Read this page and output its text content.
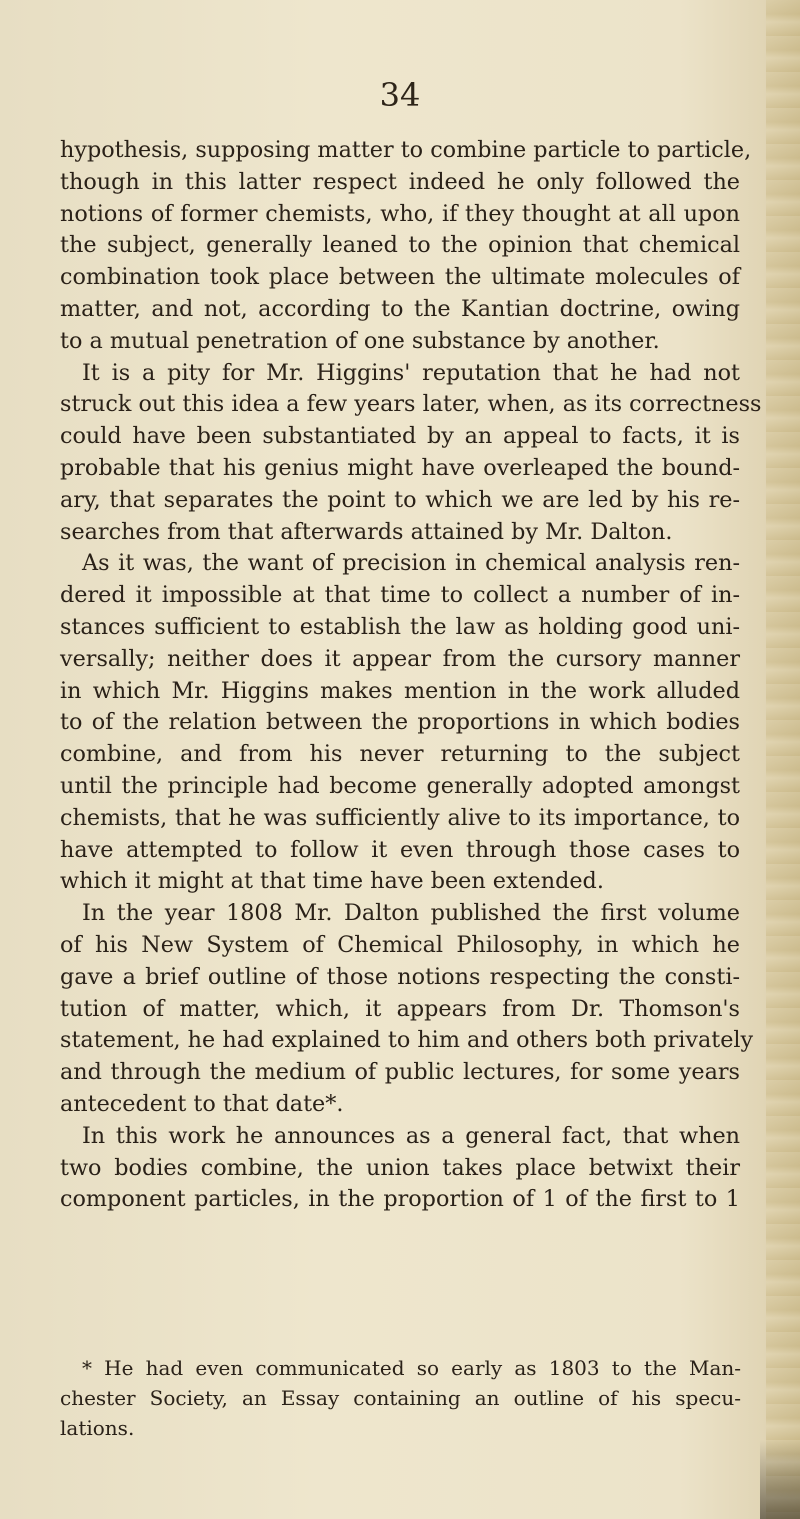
34
hypothesis, supposing matter to combine particle to particle,
though in this latter respect indeed he only followed the
notions of former chemists, who, if they thought at all upon
the subject, generally leaned to the opinion that chemical
combination took place between the ultimate molecules of
matter, and not, according to the Kantian doctrine, owing
to a mutual penetration of one substance by another.
It is a pity for Mr. Higgins' reputation that he had not
struck out this idea a few years later, when, as its correctness
could have been substantiated by an appeal to facts, it is
probable that his genius might have overleaped the bound-
ary, that separates the point to which we are led by his re-
searches from that afterwards attained by Mr. Dalton.
As it was, the want of precision in chemical analysis ren-
dered it impossible at that time to collect a number of in-
stances sufficient to establish the law as holding good uni-
versally; neither does it appear from the cursory manner
in which Mr. Higgins makes mention in the work alluded
to of the relation between the proportions in which bodies
combine, and from his never returning to the subject
until the principle had become generally adopted amongst
chemists, that he was sufficiently alive to its importance, to
have attempted to follow it even through those cases to
which it might at that time have been extended.
In the year 1808 Mr. Dalton published the first volume
of his New System of Chemical Philosophy, in which he
gave a brief outline of those notions respecting the consti-
tution of matter, which, it appears from Dr. Thomson's
statement, he had explained to him and others both privately
and through the medium of public lectures, for some years
antecedent to that date*.
In this work he announces as a general fact, that when
two bodies combine, the union takes place betwixt their
component particles, in the proportion of 1 of the first to 1
* He had even communicated so early as 1803 to the Man-
chester Society, an Essay containing an outline of his specu-
lations.
